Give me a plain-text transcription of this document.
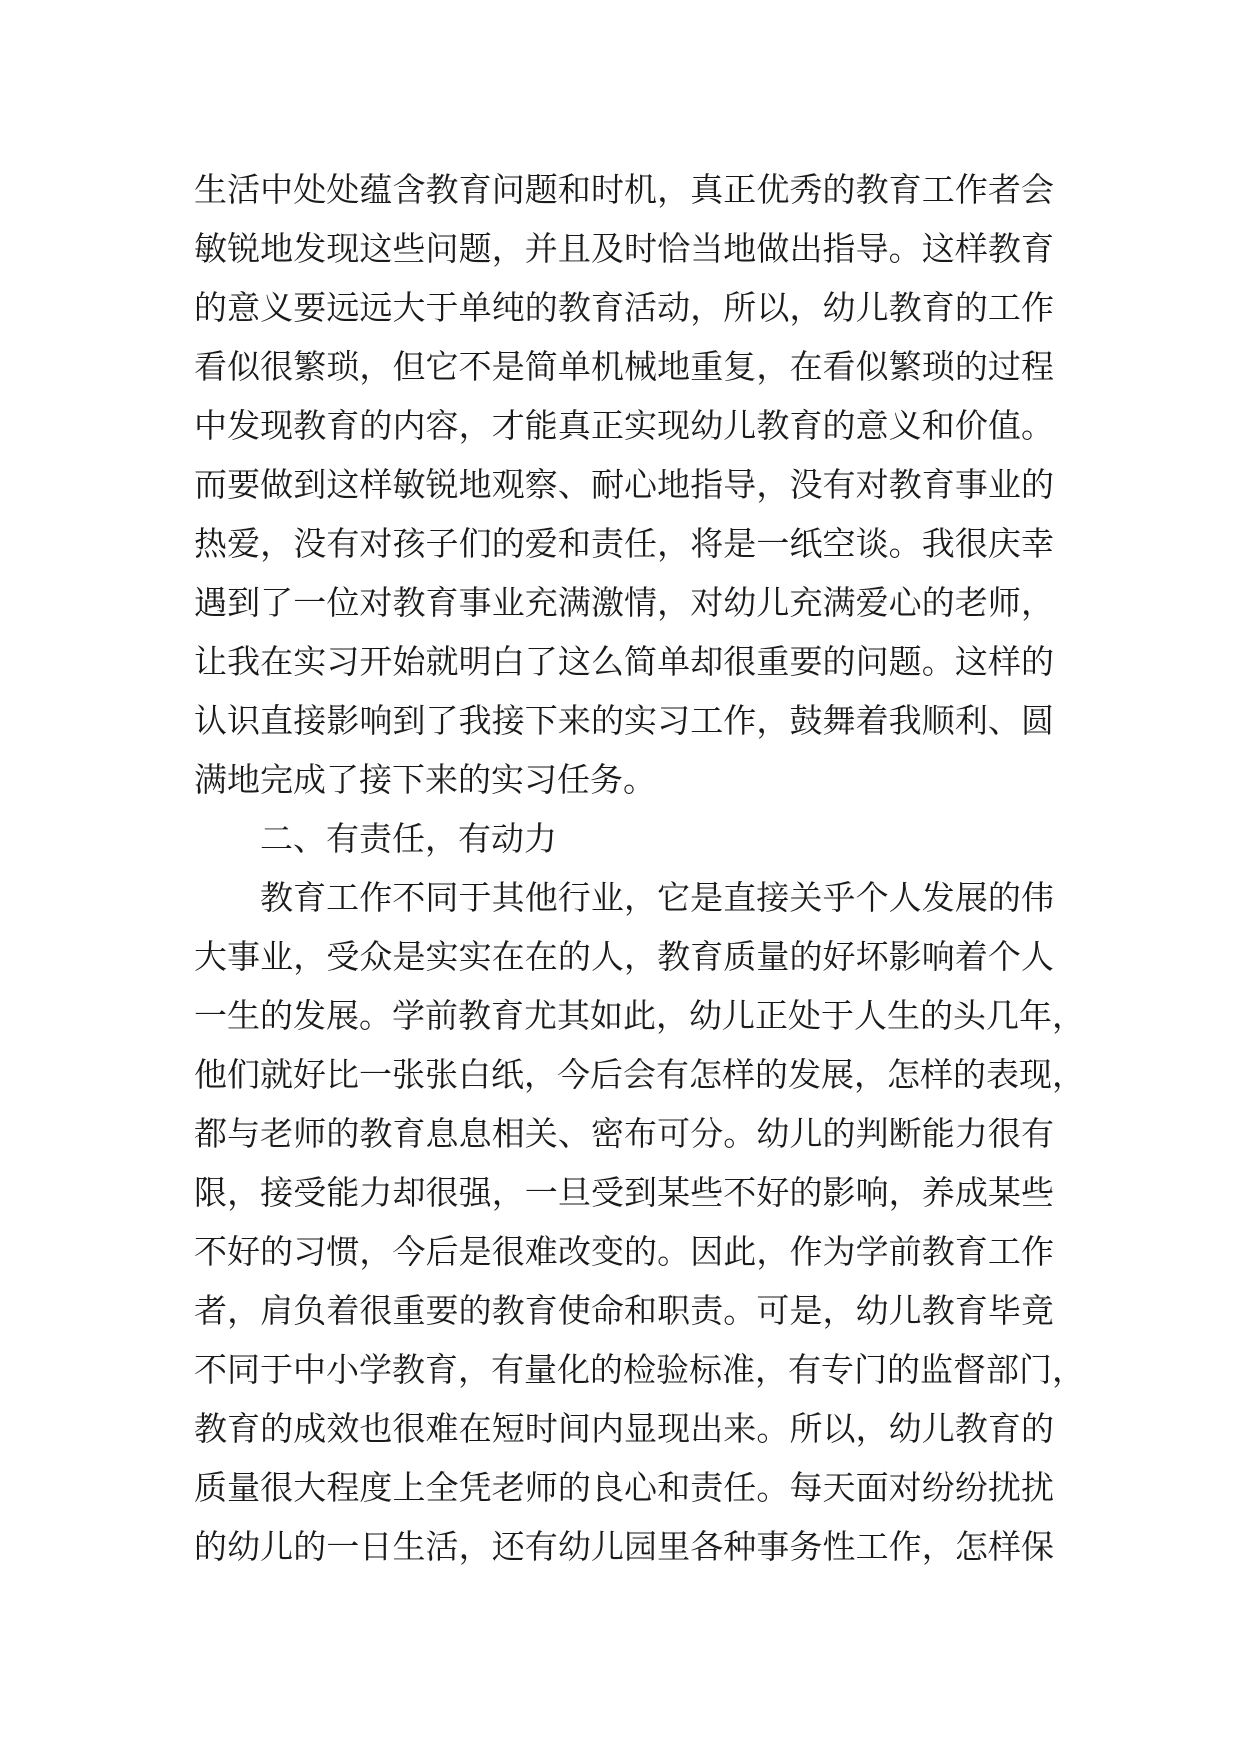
生活中处处蕴含教育问题和时机，真正优秀的教育工作者会
敏锐地发现这些问题，并且及时恰当地做出指导。这样教育
的意义要远远大于单纯的教育活动，所以，幼儿教育的工作
看似很繁琐，但它不是简单机械地重复，在看似繁琐的过程
中发现教育的内容，才能真正实现幼儿教育的意义和价值。
而要做到这样敏锐地观察、耐心地指导，没有对教育事业的
热爱，没有对孩子们的爱和责任，将是一纸空谈。我很庆幸
遇到了一位对教育事业充满激情，对幼儿充满爱心的老师，
让我在实习开始就明白了这么简单却很重要的问题。这样的
认识直接影响到了我接下来的实习工作，鼓舞着我顺利、圆
满地完成了接下来的实习任务。
二、有责任，有动力
教育工作不同于其他行业，它是直接关乎个人发展的伟
大事业，受众是实实在在的人，教育质量的好坏影响着个人
一生的发展。学前教育尤其如此，幼儿正处于人生的头几年，
他们就好比一张张白纸，今后会有怎样的发展，怎样的表现，
都与老师的教育息息相关、密布可分。幼儿的判断能力很有
限，接受能力却很强，一旦受到某些不好的影响，养成某些
不好的习惯，今后是很难改变的。因此，作为学前教育工作
者，肩负着很重要的教育使命和职责。可是，幼儿教育毕竟
不同于中小学教育，有量化的检验标准，有专门的监督部门，
教育的成效也很难在短时间内显现出来。所以，幼儿教育的
质量很大程度上全凭老师的良心和责任。每天面对纷纷扰扰
的幼儿的一日生活，还有幼儿园里各种事务性工作，怎样保
